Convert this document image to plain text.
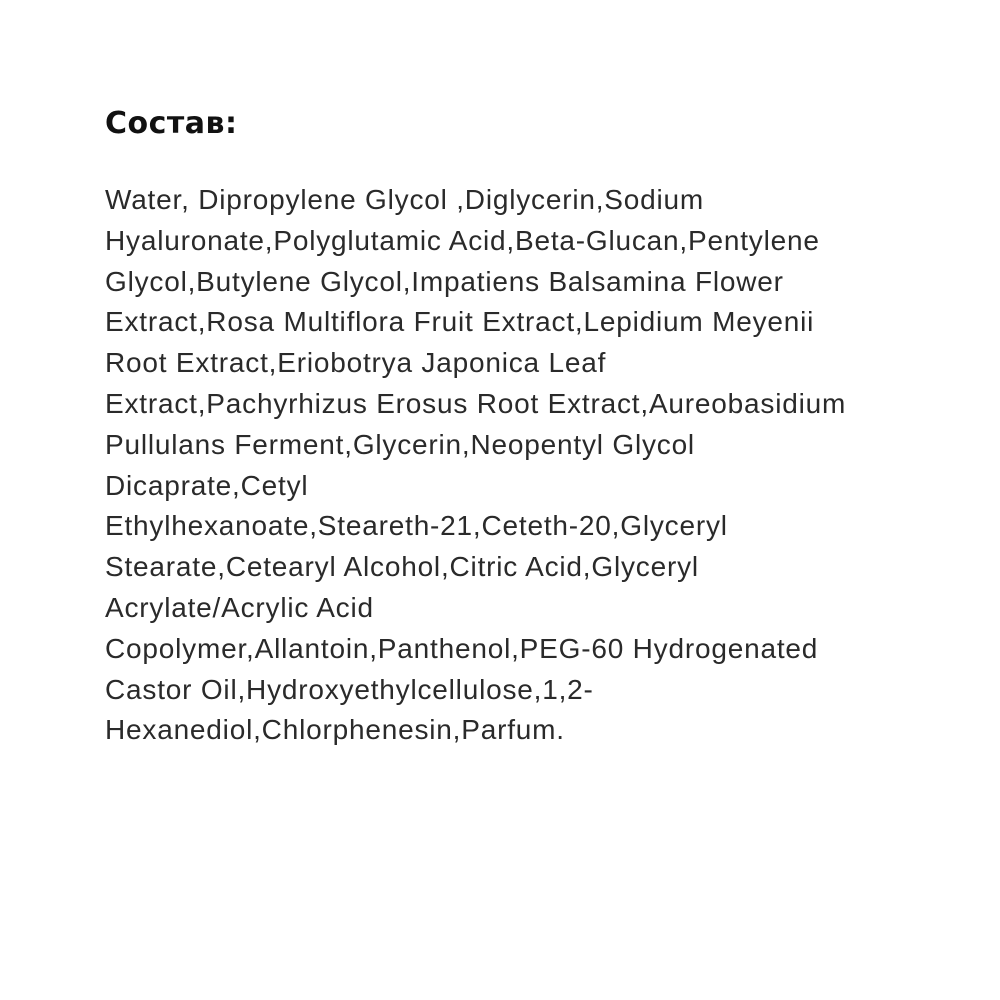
Состав:
Water, Dipropylene Glycol ,Diglycerin,Sodium
Hyaluronate,Polyglutamic Acid,Beta-Glucan,Pentylene
Glycol,Butylene Glycol,Impatiens Balsamina Flower
Extract,Rosa Multiflora Fruit Extract,Lepidium Meyenii
Root Extract,Eriobotrya Japonica Leaf
Extract,Pachyrhizus Erosus Root Extract,Aureobasidium
Pullulans Ferment,Glycerin,Neopentyl Glycol
Dicaprate,Cetyl
Ethylhexanoate,Steareth-21,Ceteth-20,Glyceryl
Stearate,Cetearyl Alcohol,Citric Acid,Glyceryl
Acrylate/Acrylic Acid
Copolymer,Allantoin,Panthenol,PEG-60 Hydrogenated
Castor Oil,Hydroxyethylcellulose,1,2-
Hexanediol,Chlorphenesin,Parfum.
